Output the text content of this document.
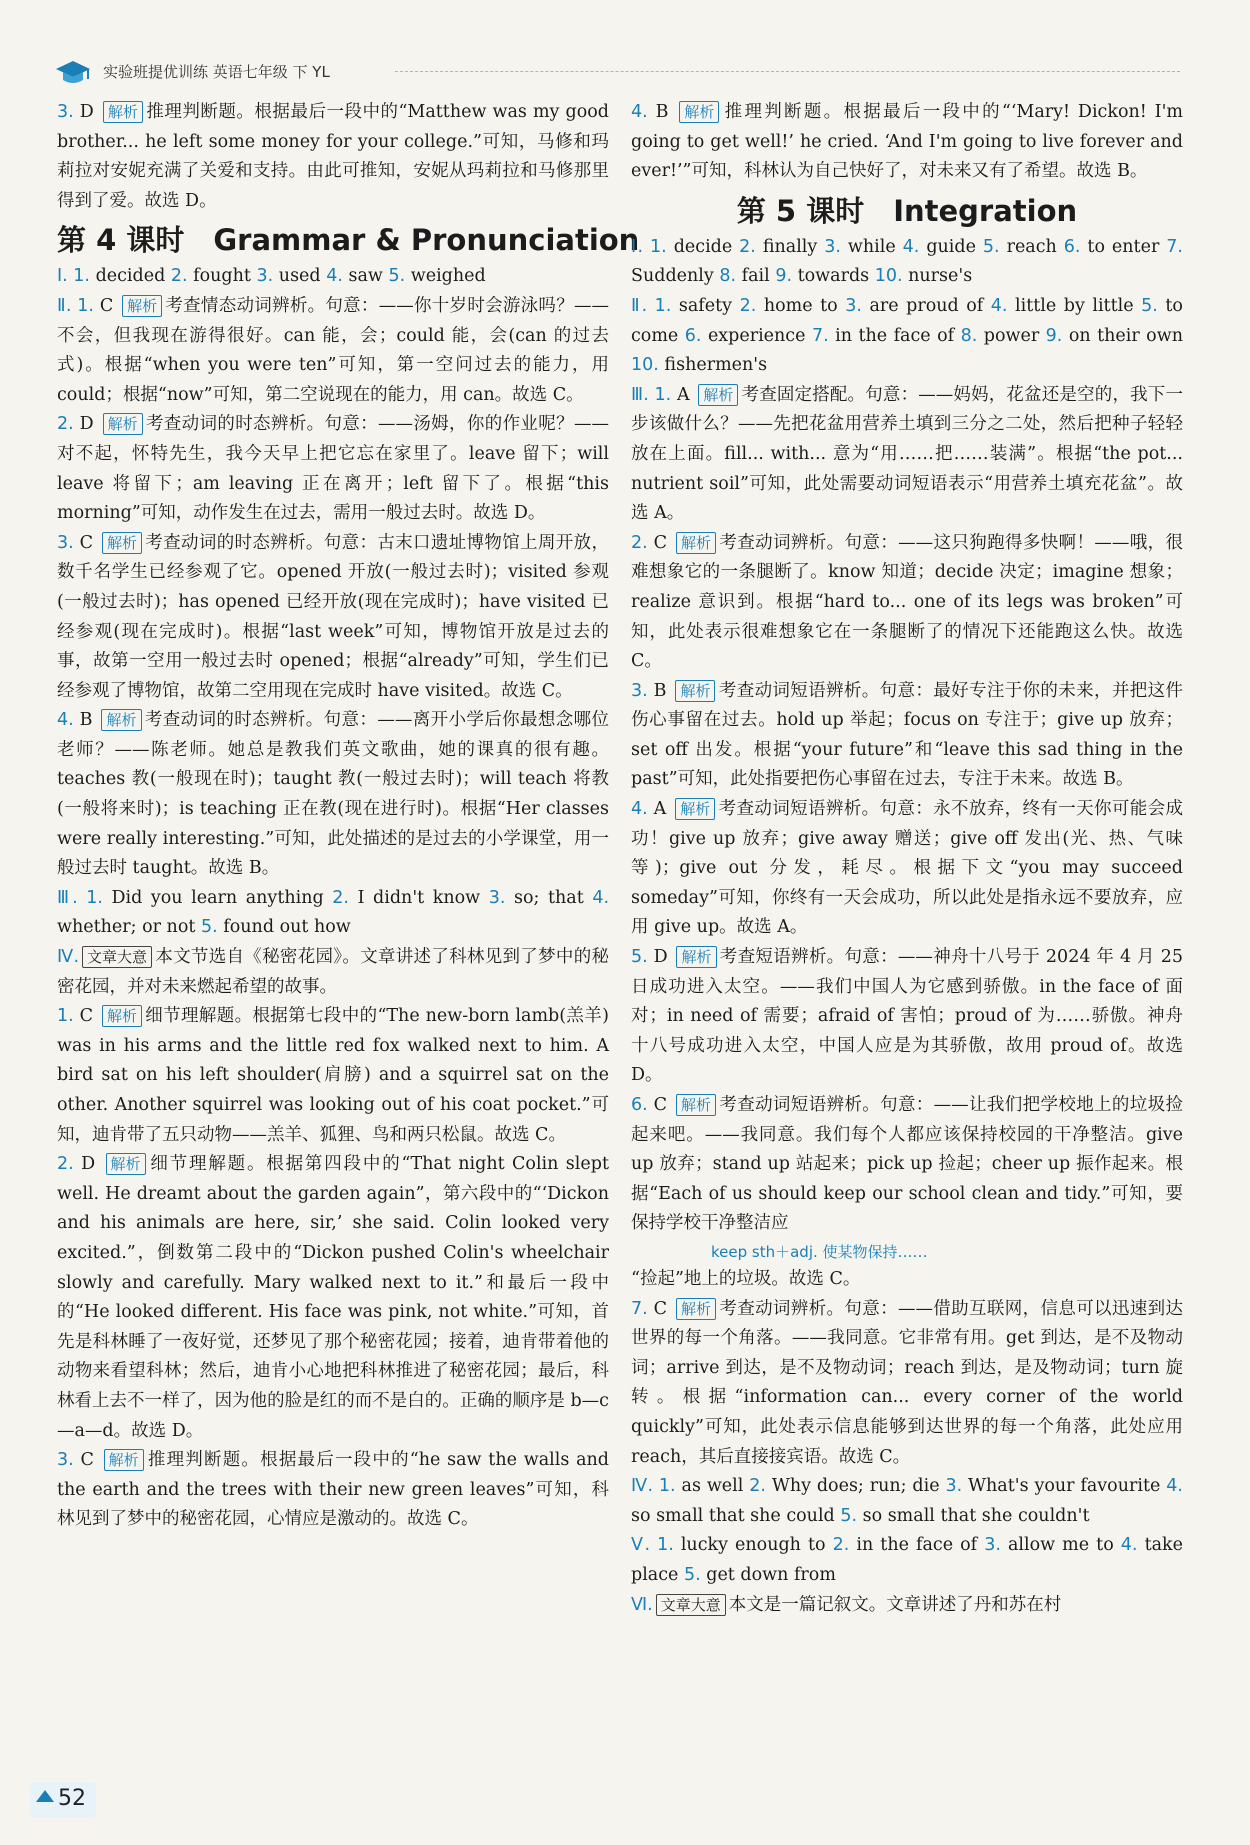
实验班提优训练 英语七年级 下 YL

3. D 解析 推理判断题。根据最后一段中的“Matthew was my good brother... he left some money for your college.”可知，马修和玛莉拉对安妮充满了关爱和支持。由此可推知，安妮从玛莉拉和马修那里得到了爱。故选 D。

第 4 课时　Grammar & Pronunciation

Ⅰ. 1. decided 2. fought 3. used 4. saw 5. weighed

Ⅱ. 1. C 解析 考查情态动词辨析。句意：——你十岁时会游泳吗？——不会，但我现在游得很好。can 能，会；could 能，会(can 的过去式)。根据“when you were ten”可知，第一空问过去的能力，用 could；根据“now”可知，第二空说现在的能力，用 can。故选 C。

2. D 解析 考查动词的时态辨析。句意：——汤姆，你的作业呢？——对不起，怀特先生，我今天早上把它忘在家里了。leave 留下；will leave 将留下；am leaving 正在离开；left 留下了。根据“this morning”可知，动作发生在过去，需用一般过去时。故选 D。

3. C 解析 考查动词的时态辨析。句意：古末口遗址博物馆上周开放，数千名学生已经参观了它。opened 开放(一般过去时)；visited 参观(一般过去时)；has opened 已经开放(现在完成时)；have visited 已经参观(现在完成时)。根据“last week”可知，博物馆开放是过去的事，故第一空用一般过去时 opened；根据“already”可知，学生们已经参观了博物馆，故第二空用现在完成时 have visited。故选 C。

4. B 解析 考查动词的时态辨析。句意：——离开小学后你最想念哪位老师？——陈老师。她总是教我们英文歌曲，她的课真的很有趣。teaches 教(一般现在时)；taught 教(一般过去时)；will teach 将教(一般将来时)；is teaching 正在教(现在进行时)。根据“Her classes were really interesting.”可知，此处描述的是过去的小学课堂，用一般过去时 taught。故选 B。

Ⅲ. 1. Did you learn anything 2. I didn't know 3. so; that 4. whether; or not 5. found out how

Ⅳ. 文章大意 本文节选自《秘密花园》。文章讲述了科林见到了梦中的秘密花园，并对未来燃起希望的故事。

1. C 解析 细节理解题。根据第七段中的“The new-born lamb(羔羊) was in his arms and the little red fox walked next to him. A bird sat on his left shoulder(肩膀) and a squirrel sat on the other. Another squirrel was looking out of his coat pocket.”可知，迪肯带了五只动物——羔羊、狐狸、鸟和两只松鼠。故选 C。

2. D 解析 细节理解题。根据第四段中的“That night Colin slept well. He dreamt about the garden again”，第六段中的“‘Dickon and his animals are here, sir,’ she said. Colin looked very excited.”，倒数第二段中的“Dickon pushed Colin's wheelchair slowly and carefully. Mary walked next to it.”和最后一段中的“He looked different. His face was pink, not white.”可知，首先是科林睡了一夜好觉，还梦见了那个秘密花园；接着，迪肯带着他的动物来看望科林；然后，迪肯小心地把科林推进了秘密花园；最后，科林看上去不一样了，因为他的脸是红的而不是白的。正确的顺序是 b—c—a—d。故选 D。

3. C 解析 推理判断题。根据最后一段中的“he saw the walls and the earth and the trees with their new green leaves”可知，科林见到了梦中的秘密花园，心情应是激动的。故选 C。

4. B 解析 推理判断题。根据最后一段中的“‘Mary! Dickon! I'm going to get well!’ he cried. ‘And I'm going to live forever and ever!’”可知，科林认为自己快好了，对未来又有了希望。故选 B。

第 5 课时　Integration

Ⅰ. 1. decide 2. finally 3. while 4. guide 5. reach 6. to enter 7. Suddenly 8. fail 9. towards 10. nurse's

Ⅱ. 1. safety 2. home to 3. are proud of 4. little by little 5. to come 6. experience 7. in the face of 8. power 9. on their own 10. fishermen's

Ⅲ. 1. A 解析 考查固定搭配。句意：——妈妈，花盆还是空的，我下一步该做什么？——先把花盆用营养土填到三分之二处，然后把种子轻轻放在上面。fill... with... 意为“用……把……装满”。根据“the pot... nutrient soil”可知，此处需要动词短语表示“用营养土填充花盆”。故选 A。

2. C 解析 考查动词辨析。句意：——这只狗跑得多快啊！——哦，很难想象它的一条腿断了。know 知道；decide 决定；imagine 想象；realize 意识到。根据“hard to... one of its legs was broken”可知，此处表示很难想象它在一条腿断了的情况下还能跑这么快。故选 C。

3. B 解析 考查动词短语辨析。句意：最好专注于你的未来，并把这件伤心事留在过去。hold up 举起；focus on 专注于；give up 放弃；set off 出发。根据“your future”和“leave this sad thing in the past”可知，此处指要把伤心事留在过去，专注于未来。故选 B。

4. A 解析 考查动词短语辨析。句意：永不放弃，终有一天你可能会成功！give up 放弃；give away 赠送；give off 发出(光、热、气味等)；give out 分发，耗尽。根据下文“you may succeed someday”可知，你终有一天会成功，所以此处是指永远不要放弃，应用 give up。故选 A。

5. D 解析 考查短语辨析。句意：——神舟十八号于 2024 年 4 月 25 日成功进入太空。——我们中国人为它感到骄傲。in the face of 面对；in need of 需要；afraid of 害怕；proud of 为……骄傲。神舟十八号成功进入太空，中国人应是为其骄傲，故用 proud of。故选 D。

6. C 解析 考查动词短语辨析。句意：——让我们把学校地上的垃圾捡起来吧。——我同意。我们每个人都应该保持校园的干净整洁。give up 放弃；stand up 站起来；pick up 捡起；cheer up 振作起来。根据“Each of us should keep our school clean and tidy.”可知，要保持学校干净整洁应

keep sth＋adj. 使某物保持……

“捡起”地上的垃圾。故选 C。

7. C 解析 考查动词辨析。句意：——借助互联网，信息可以迅速到达世界的每一个角落。——我同意。它非常有用。get 到达，是不及物动词；arrive 到达，是不及物动词；reach 到达，是及物动词；turn 旋转。根据“information can... every corner of the world quickly”可知，此处表示信息能够到达世界的每一个角落，此处应用 reach，其后直接接宾语。故选 C。

Ⅳ. 1. as well 2. Why does; run; die 3. What's your favourite 4. so small that she could 5. so small that she couldn't

Ⅴ. 1. lucky enough to 2. in the face of 3. allow me to 4. take place 5. get down from

Ⅵ. 文章大意 本文是一篇记叙文。文章讲述了丹和苏在村

52
